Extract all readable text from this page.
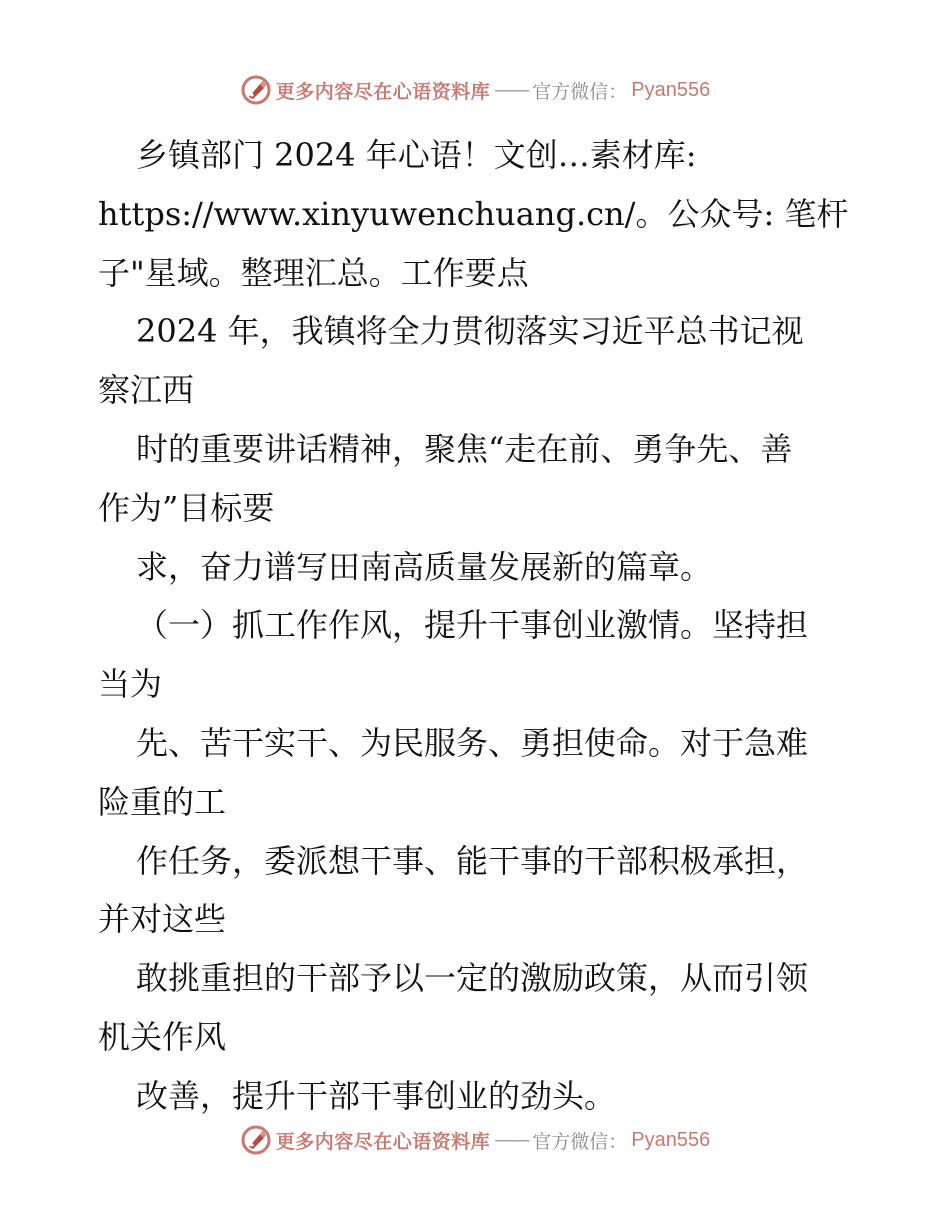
更多内容尽在心语资料库 —— 官方微信： Pyan556
乡镇部门 2024 年心语！文创…素材库:
https://www.xinyuwenchuang.cn/。公众号: 笔杆
子"星域。整理汇总。工作要点
2024 年，我镇将全力贯彻落实习近平总书记视
察江西
时的重要讲话精神，聚焦“走在前、勇争先、善
作为”目标要
求，奋力谱写田南高质量发展新的篇章。
（一）抓工作作风，提升干事创业激情。坚持担
当为
先、苦干实干、为民服务、勇担使命。对于急难
险重的工
作任务，委派想干事、能干事的干部积极承担，
并对这些
敢挑重担的干部予以一定的激励政策，从而引领
机关作风
改善，提升干部干事创业的劲头。
更多内容尽在心语资料库 —— 官方微信： Pyan556
